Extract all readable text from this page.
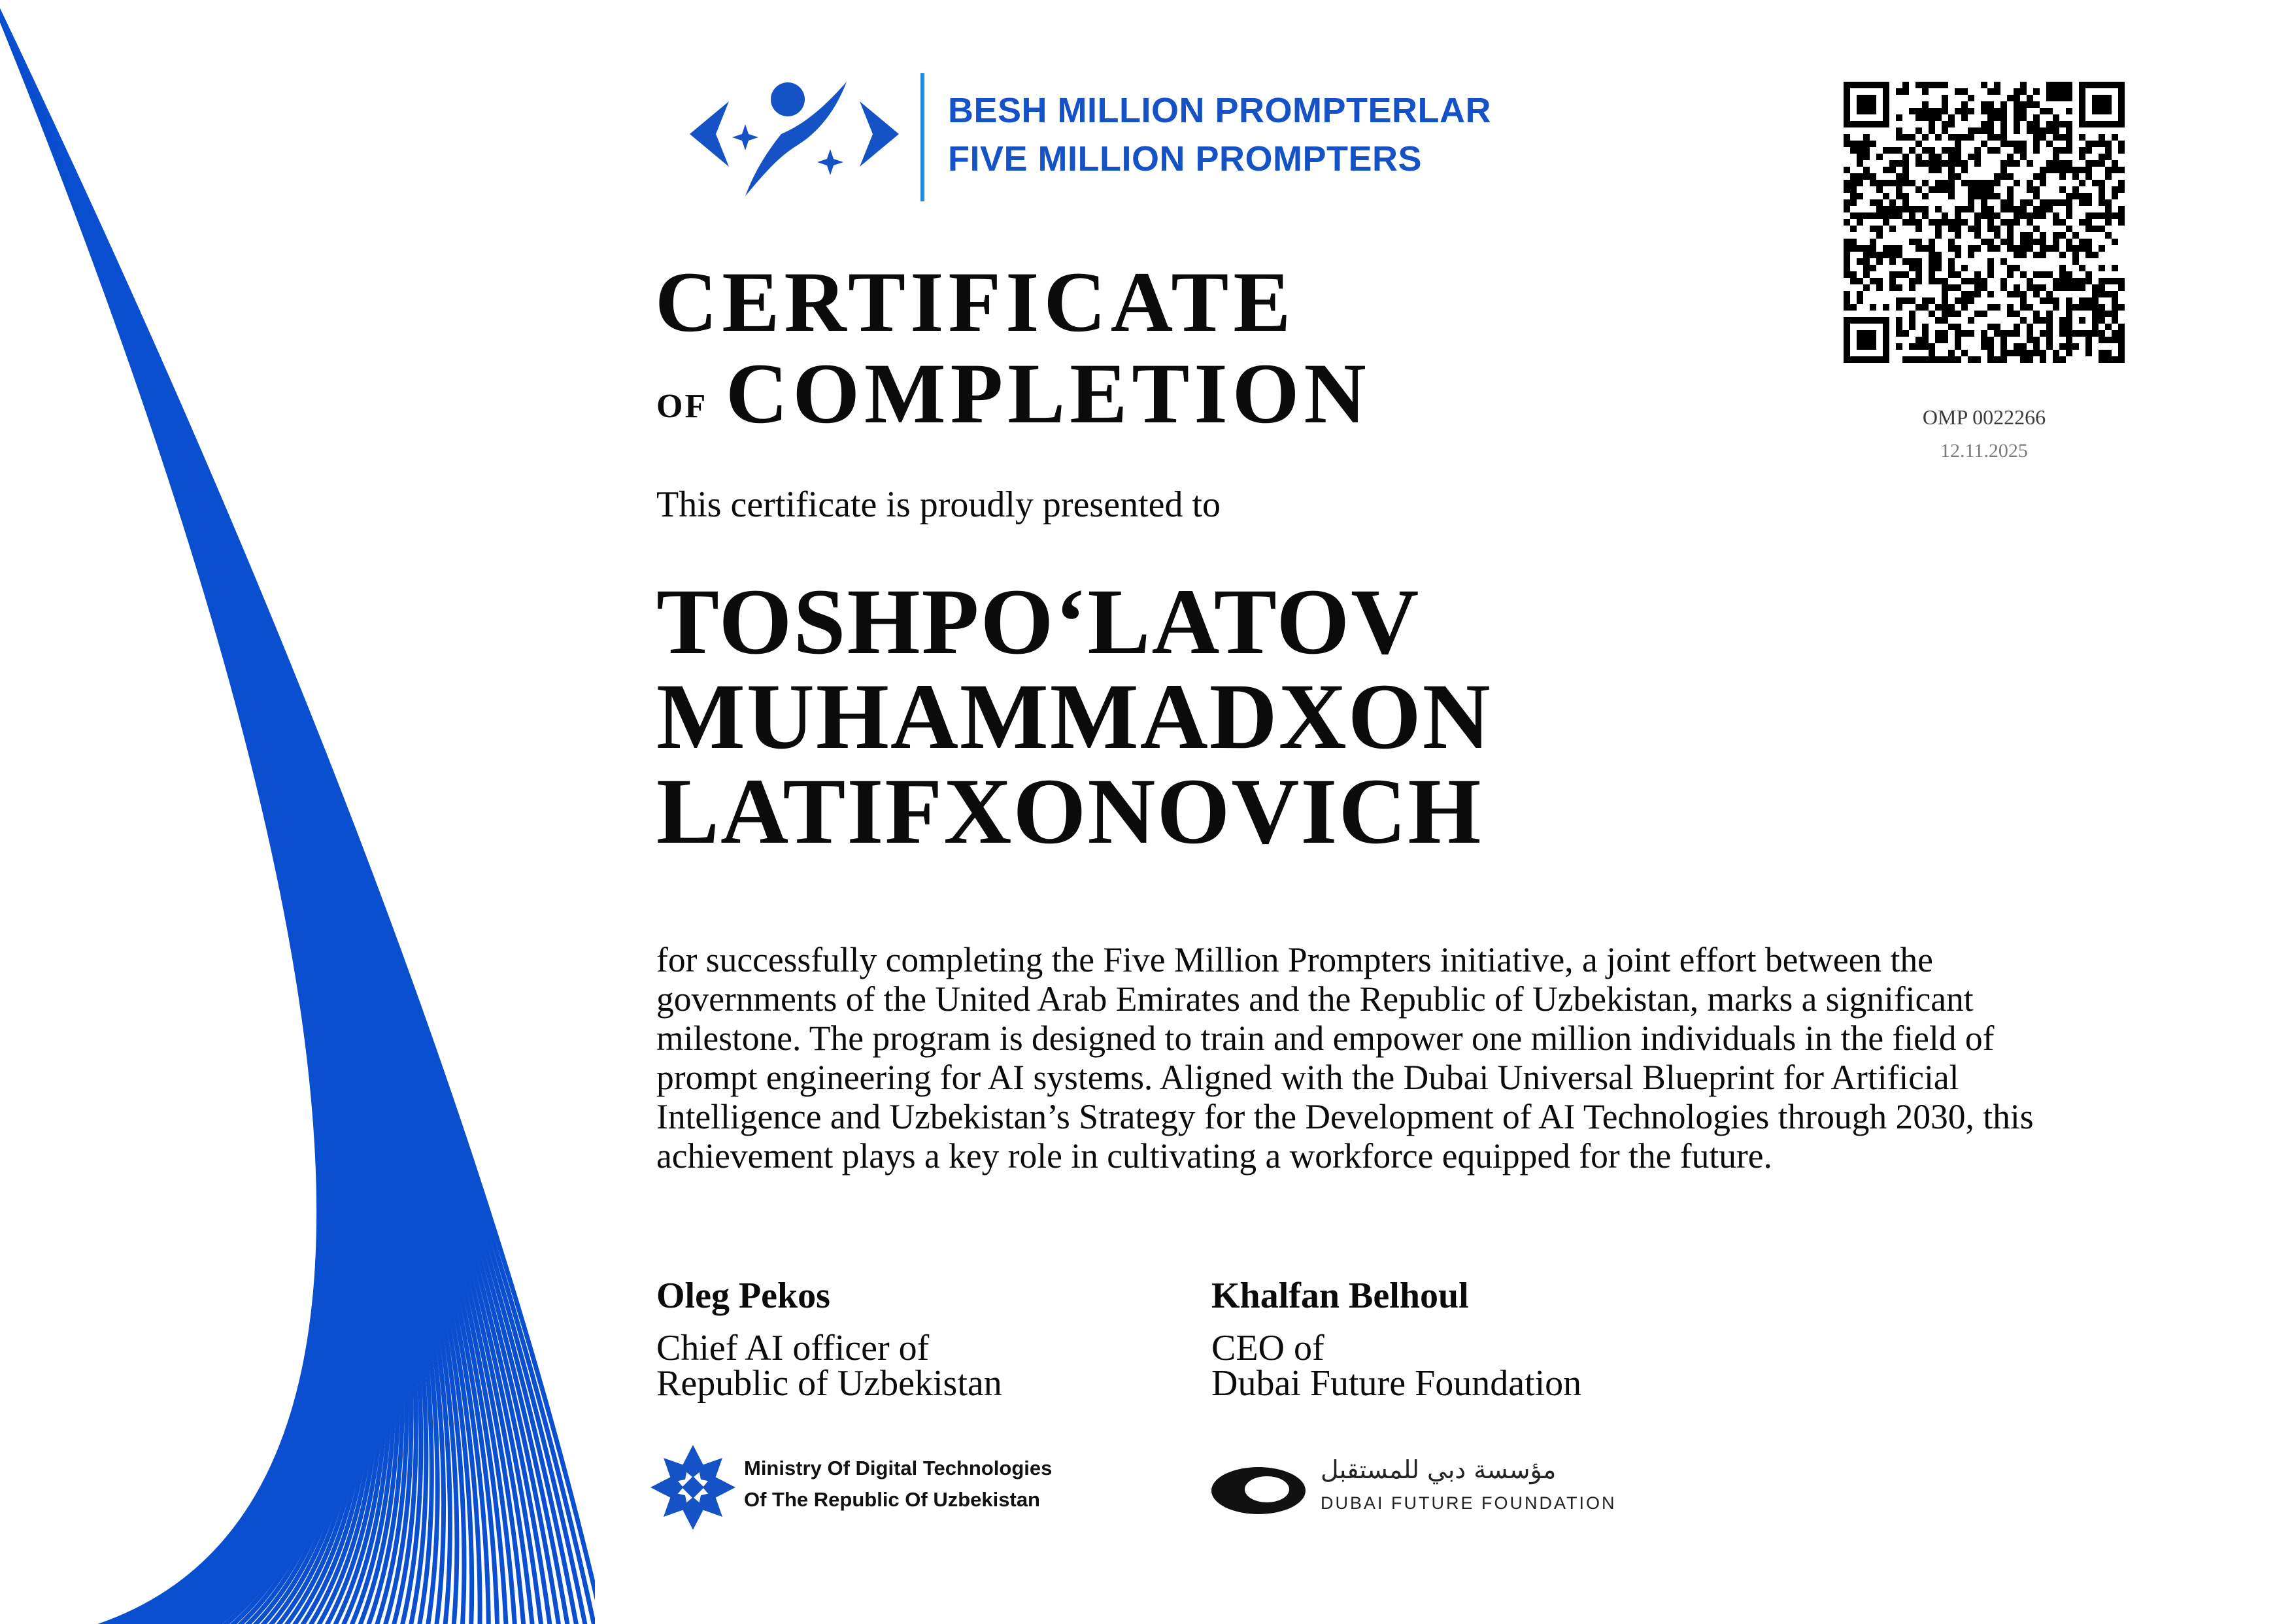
BESH MILLION PROMPTERLAR
FIVE MILLION PROMPTERS
OMP 0022266
12.11.2025
CERTIFICATE
OF COMPLETION
This certificate is proudly presented to
TOSHPO‘LATOV
MUHAMMADXON
LATIFXONOVICH

for successfully completing the Five Million Prompters initiative, a joint effort between the governments of the United Arab Emirates and the Republic of Uzbekistan, marks a significant milestone. The program is designed to train and empower one million individuals in the field of prompt engineering for AI systems. Aligned with the Dubai Universal Blueprint for Artificial Intelligence and Uzbekistan’s Strategy for the Development of AI Technologies through 2030, this achievement plays a key role in cultivating a workforce equipped for the future.

Oleg Pekos
Chief AI officer of
Republic of Uzbekistan
Khalfan Belhoul
CEO of
Dubai Future Foundation
Ministry Of Digital Technologies
Of The Republic Of Uzbekistan
مؤسسة دبي للمستقبل
DUBAI FUTURE FOUNDATION
